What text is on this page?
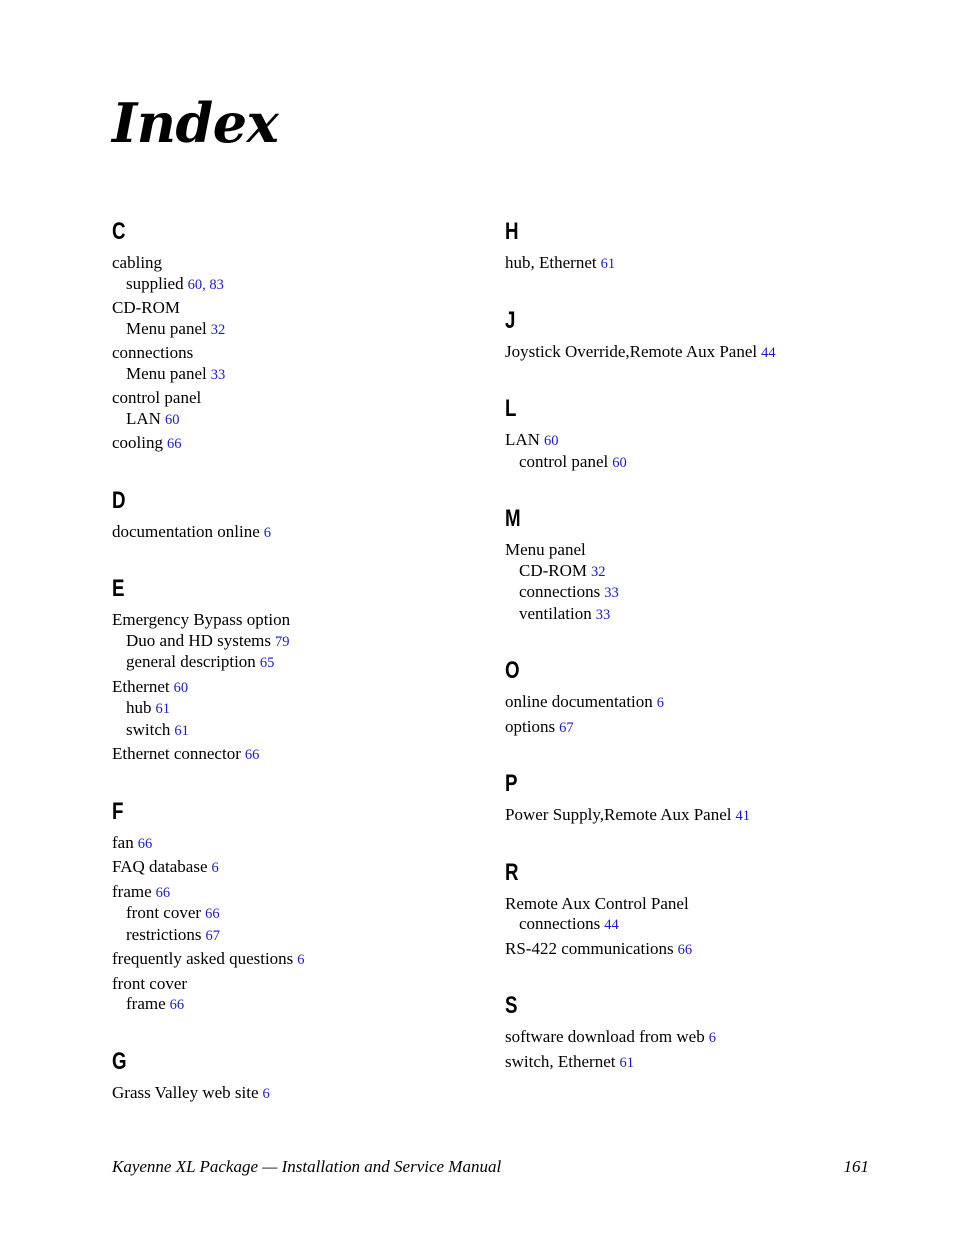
Index
C
cabling
supplied 60, 83
CD-ROM
Menu panel 32
connections
Menu panel 33
control panel
LAN 60
cooling 66
D
documentation online 6
E
Emergency Bypass option
Duo and HD systems 79
general description 65
Ethernet 60
hub 61
switch 61
Ethernet connector 66
F
fan 66
FAQ database 6
frame 66
front cover 66
restrictions 67
frequently asked questions 6
front cover
frame 66
G
Grass Valley web site 6
H
hub, Ethernet 61
J
Joystick Override,Remote Aux Panel 44
L
LAN 60
control panel 60
M
Menu panel
CD-ROM 32
connections 33
ventilation 33
O
online documentation 6
options 67
P
Power Supply,Remote Aux Panel 41
R
Remote Aux Control Panel
connections 44
RS-422 communications 66
S
software download from web 6
switch, Ethernet 61
Kayenne XL Package — Installation and Service Manual	161
